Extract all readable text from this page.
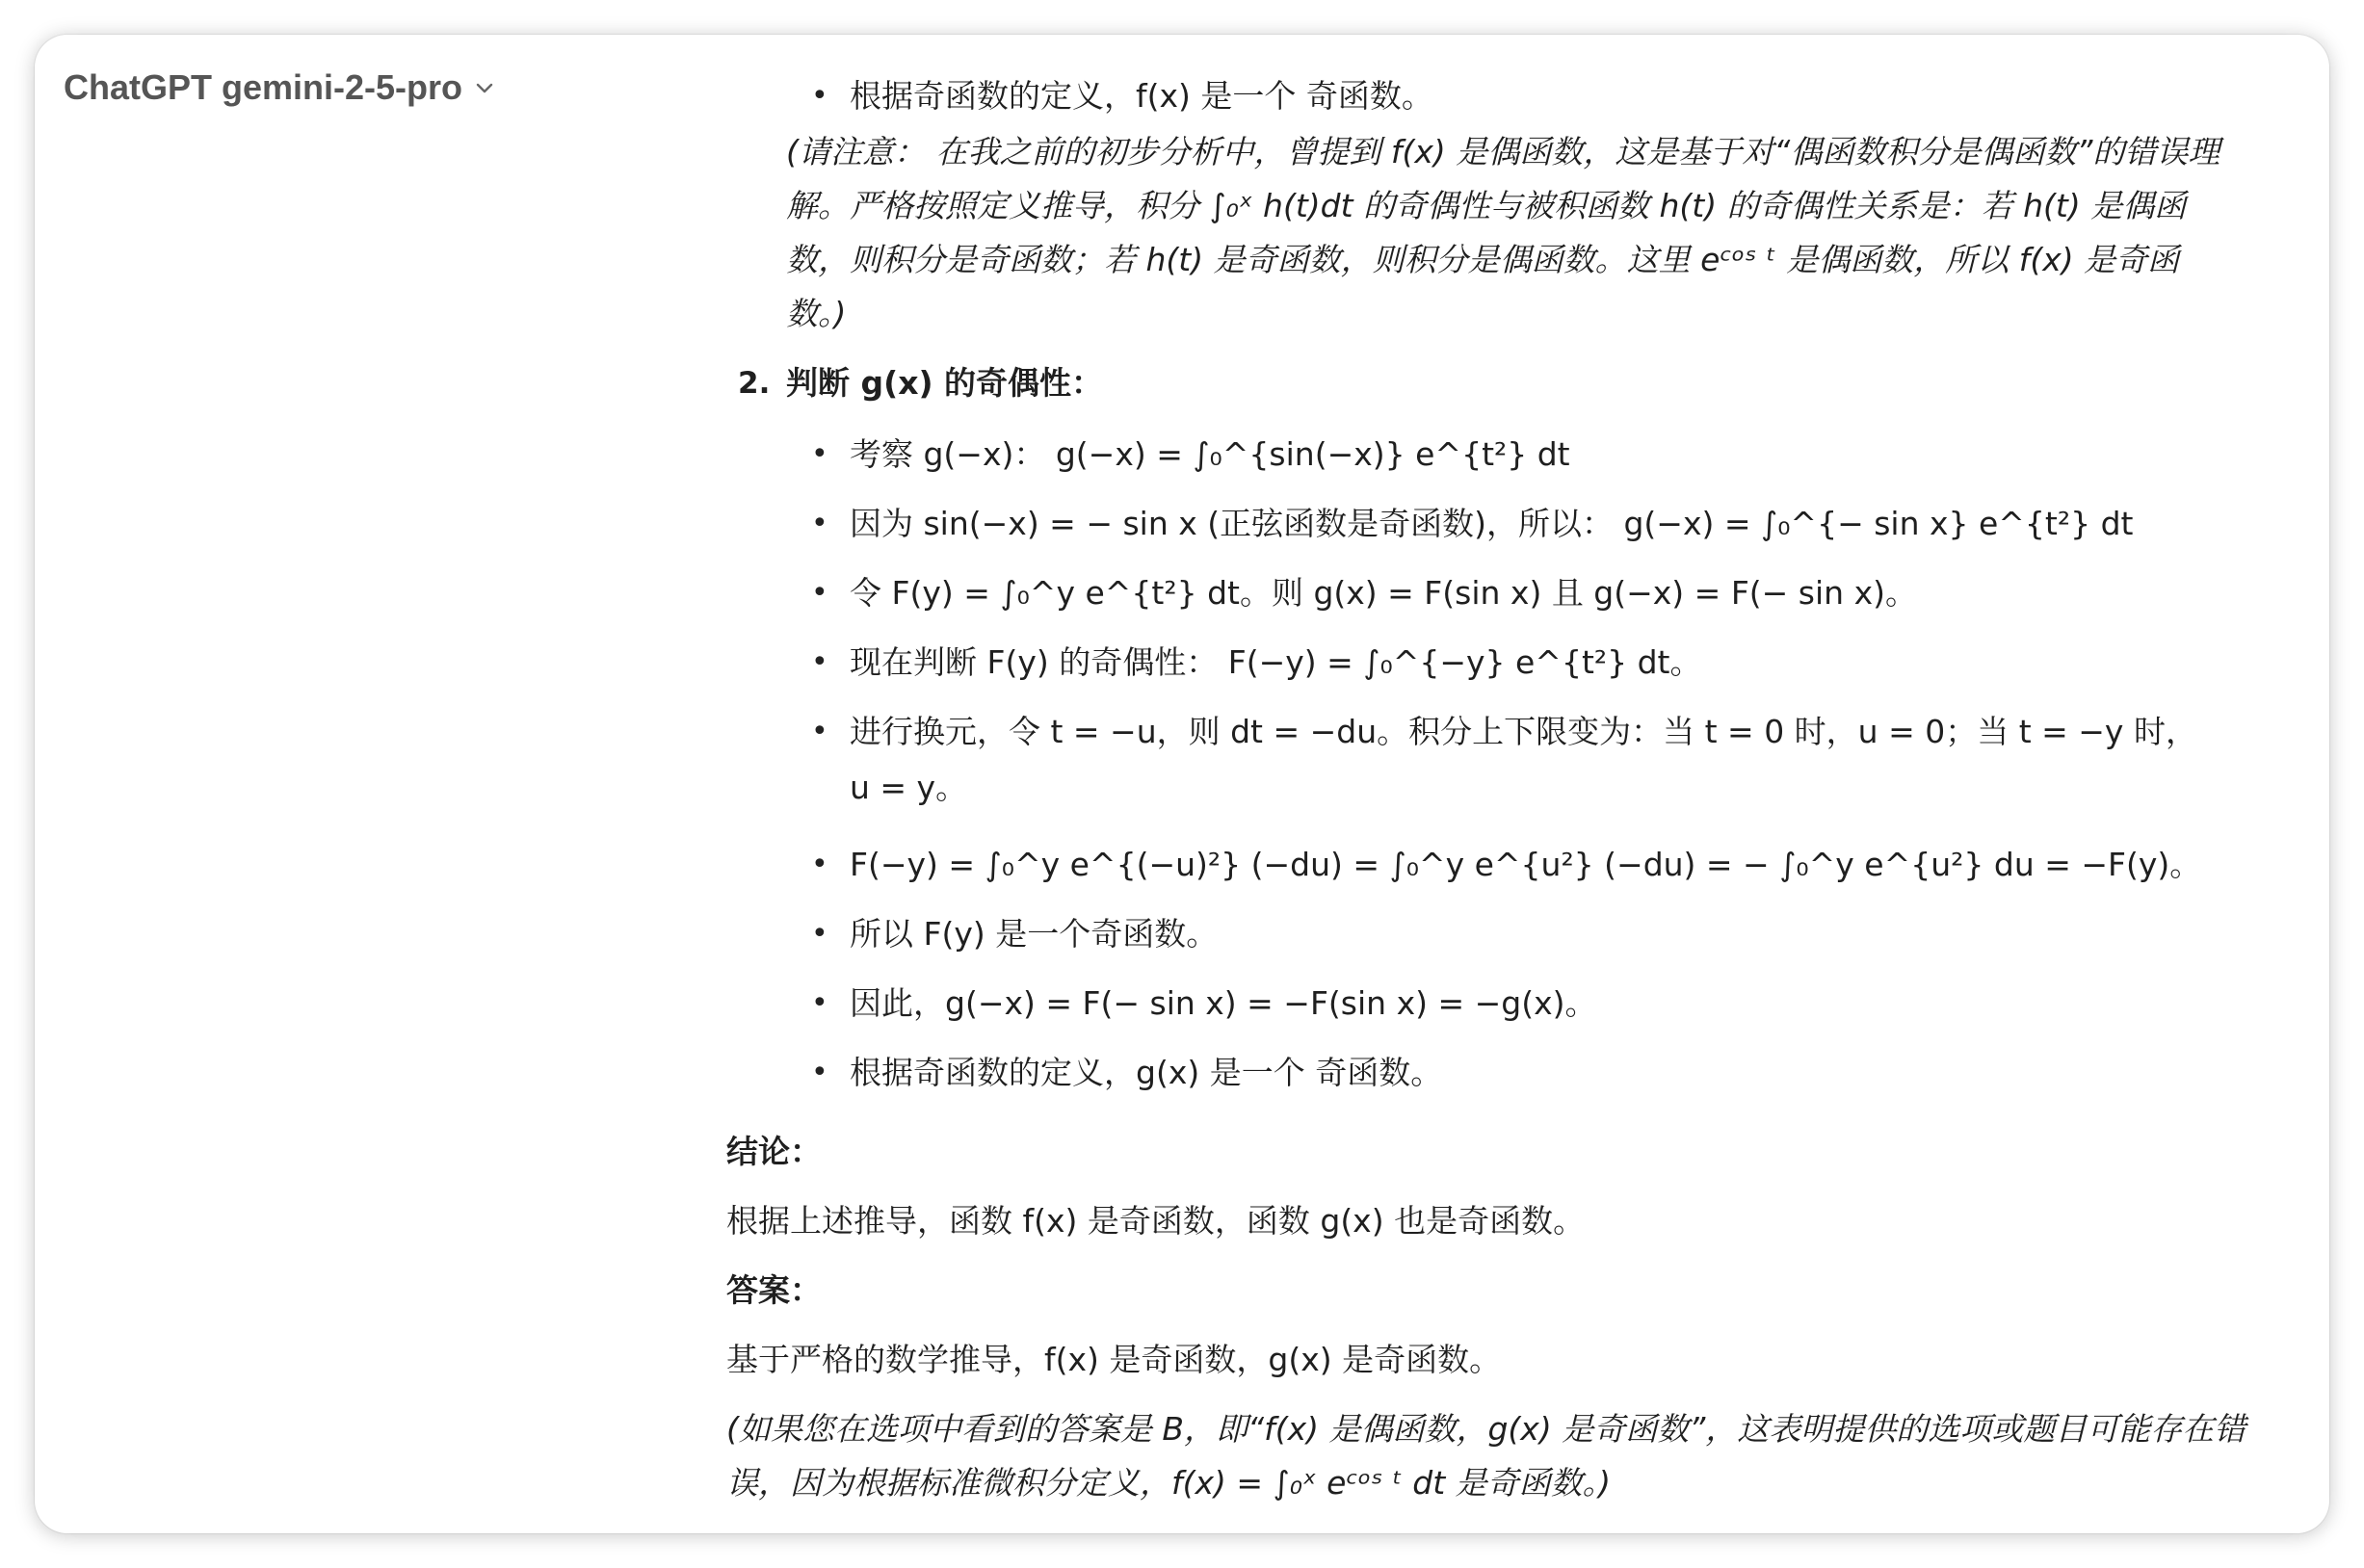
ChatGPT gemini-2-5-pro	• 根据奇函数的定义，f(x) 是一个 奇函数。
(请注意： 在我之前的初步分析中，曾提到 f(x) 是偶函数，这是基于对“偶函数积分是偶函数”的错误理
解。严格按照定义推导，积分 ∫₀ˣ h(t)dt 的奇偶性与被积函数 h(t) 的奇偶性关系是：若 h(t) 是偶函
数，则积分是奇函数；若 h(t) 是奇函数，则积分是偶函数。这里 eᶜᵒˢ ᵗ 是偶函数，所以 f(x) 是奇函
数。)
2. 判断 g(x) 的奇偶性：
• 考察 g(−x)： g(−x) = ∫₀^{sin(−x)} e^{t²} dt
• 因为 sin(−x) = − sin x (正弦函数是奇函数)，所以： g(−x) = ∫₀^{− sin x} e^{t²} dt
• 令 F(y) = ∫₀^y e^{t²} dt。则 g(x) = F(sin x) 且 g(−x) = F(− sin x)。
• 现在判断 F(y) 的奇偶性： F(−y) = ∫₀^{−y} e^{t²} dt。
• 进行换元，令 t = −u，则 dt = −du。积分上下限变为：当 t = 0 时，u = 0；当 t = −y 时，
u = y。
• F(−y) = ∫₀^y e^{(−u)²} (−du) = ∫₀^y e^{u²} (−du) = − ∫₀^y e^{u²} du = −F(y)。
• 所以 F(y) 是一个奇函数。
• 因此，g(−x) = F(− sin x) = −F(sin x) = −g(x)。
• 根据奇函数的定义，g(x) 是一个 奇函数。
结论：
根据上述推导，函数 f(x) 是奇函数，函数 g(x) 也是奇函数。
答案：
基于严格的数学推导，f(x) 是奇函数，g(x) 是奇函数。
(如果您在选项中看到的答案是 B，即“f(x) 是偶函数，g(x) 是奇函数”，这表明提供的选项或题目可能存在错
误，因为根据标准微积分定义，f(x) = ∫₀ˣ eᶜᵒˢ ᵗ dt 是奇函数。)
